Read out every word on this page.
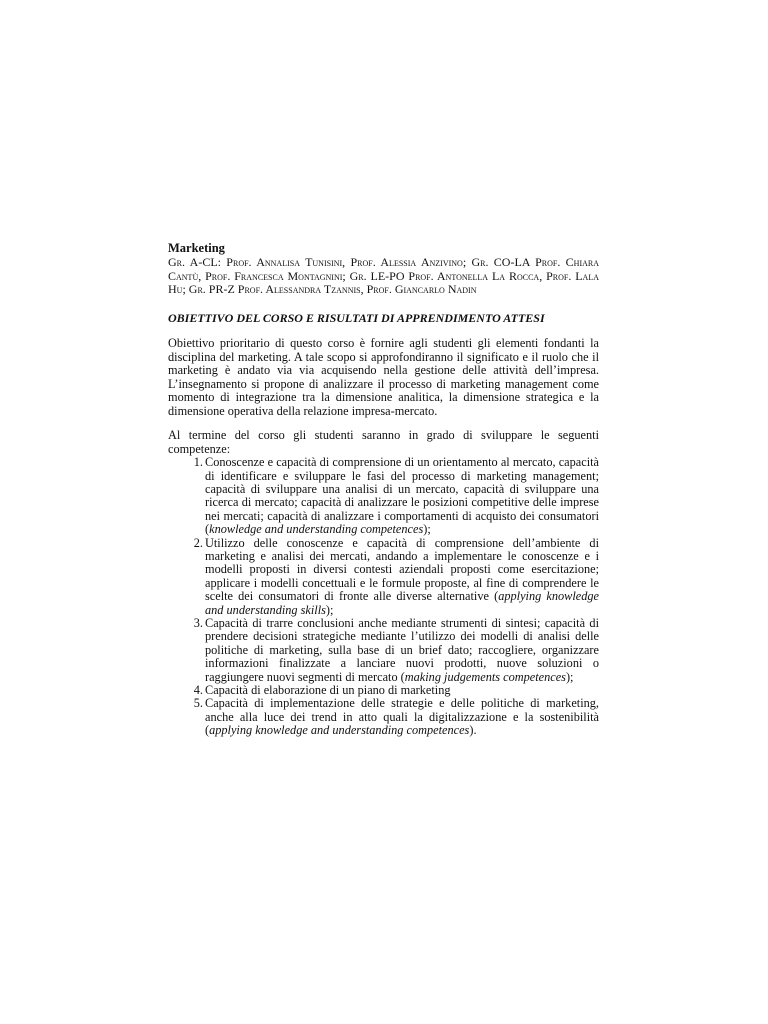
Marketing

Gr. A-CL: Prof. Annalisa Tunisini, Prof. Alessia Anzivino; Gr. CO-LA Prof. Chiara Cantù, Prof. Francesca Montagnini; Gr. LE-PO Prof. Antonella La Rocca, Prof. Lala Hu; Gr. PR-Z Prof. Alessandra Tzannis, Prof. Giancarlo Nadin

OBIETTIVO DEL CORSO E RISULTATI DI APPRENDIMENTO ATTESI

Obiettivo prioritario di questo corso è fornire agli studenti gli elementi fondanti la disciplina del marketing. A tale scopo si approfondiranno il significato e il ruolo che il marketing è andato via via acquisendo nella gestione delle attività dell’impresa. L’insegnamento si propone di analizzare il processo di marketing management come momento di integrazione tra la dimensione analitica, la dimensione strategica e la dimensione operativa della relazione impresa-mercato.

Al termine del corso gli studenti saranno in grado di sviluppare le seguenti competenze:

1. Conoscenze e capacità di comprensione di un orientamento al mercato, capacità di identificare e sviluppare le fasi del processo di marketing management; capacità di sviluppare una analisi di un mercato, capacità di sviluppare una ricerca di mercato; capacità di analizzare le posizioni competitive delle imprese nei mercati; capacità di analizzare i comportamenti di acquisto dei consumatori (knowledge and understanding competences);
2. Utilizzo delle conoscenze e capacità di comprensione dell’ambiente di marketing e analisi dei mercati, andando a implementare le conoscenze e i modelli proposti in diversi contesti aziendali proposti come esercitazione; applicare i modelli concettuali e le formule proposte, al fine di comprendere le scelte dei consumatori di fronte alle diverse alternative (applying knowledge and understanding skills);
3. Capacità di trarre conclusioni anche mediante strumenti di sintesi; capacità di prendere decisioni strategiche mediante l’utilizzo dei modelli di analisi delle politiche di marketing, sulla base di un brief dato; raccogliere, organizzare informazioni finalizzate a lanciare nuovi prodotti, nuove soluzioni o raggiungere nuovi segmenti di mercato (making judgements competences);
4. Capacità di elaborazione di un piano di marketing
5. Capacità di implementazione delle strategie e delle politiche di marketing, anche alla luce dei trend in atto quali la digitalizzazione e la sostenibilità (applying knowledge and understanding competences).
